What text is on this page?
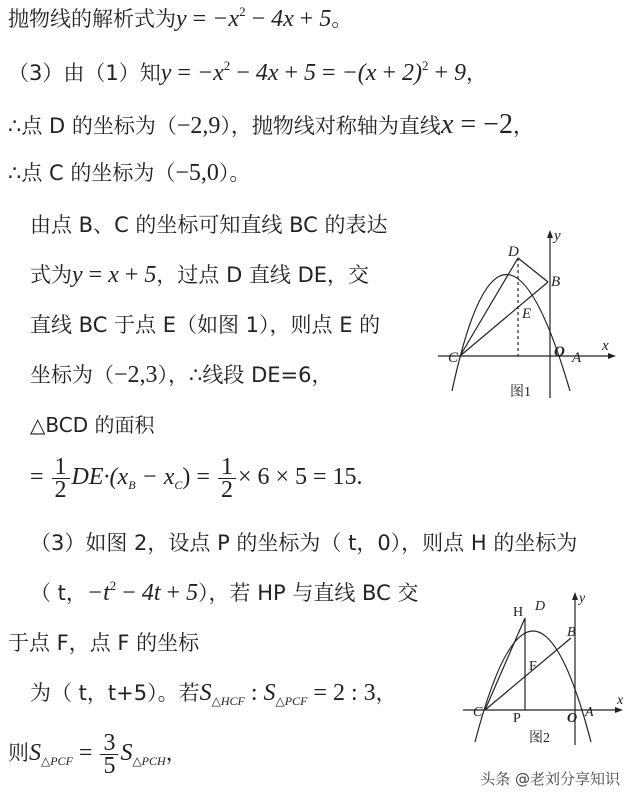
抛物线的解析式为$y = -x^2 - 4x + 5$。
（3）由（1）知$y = -x^2 - 4x + 5 = -(x + 2)^2 + 9$，
∴点 D 的坐标为（−2,9），抛物线对称轴为直线x = −2，
∴点 C 的坐标为（−5,0）。
由点 B、C 的坐标可知直线 BC 的表达
式为y = x + 5，过点 D 直线 DE，交
直线 BC 于点 E（如图 1），则点 E 的
坐标为（−2,3），∴线段 DE=6，
△BCD 的面积
= $\frac{1}{2} DE\cdot(x_B - x_C) = \frac{1}{2} \times 6 \times 5 = 15$.
（3）如图 2，设点 P 的坐标为（ t，0），则点 H 的坐标为
（ t，$-t^2 - 4t + 5$），若 HP 与直线 BC 交
于点 F，点 F 的坐标
为（ t，t+5）。若$S_{\triangle HCF}$ : $S_{\triangle PCF} = 2$ : 3，
则$S_{\triangle PCF} = \frac{3}{5} S_{\triangle PCH}$，
D
B
E
C	O A
x
y
图1
H D
B
F
C P	O A
x
y
图2
头条 @老刘分享知识
